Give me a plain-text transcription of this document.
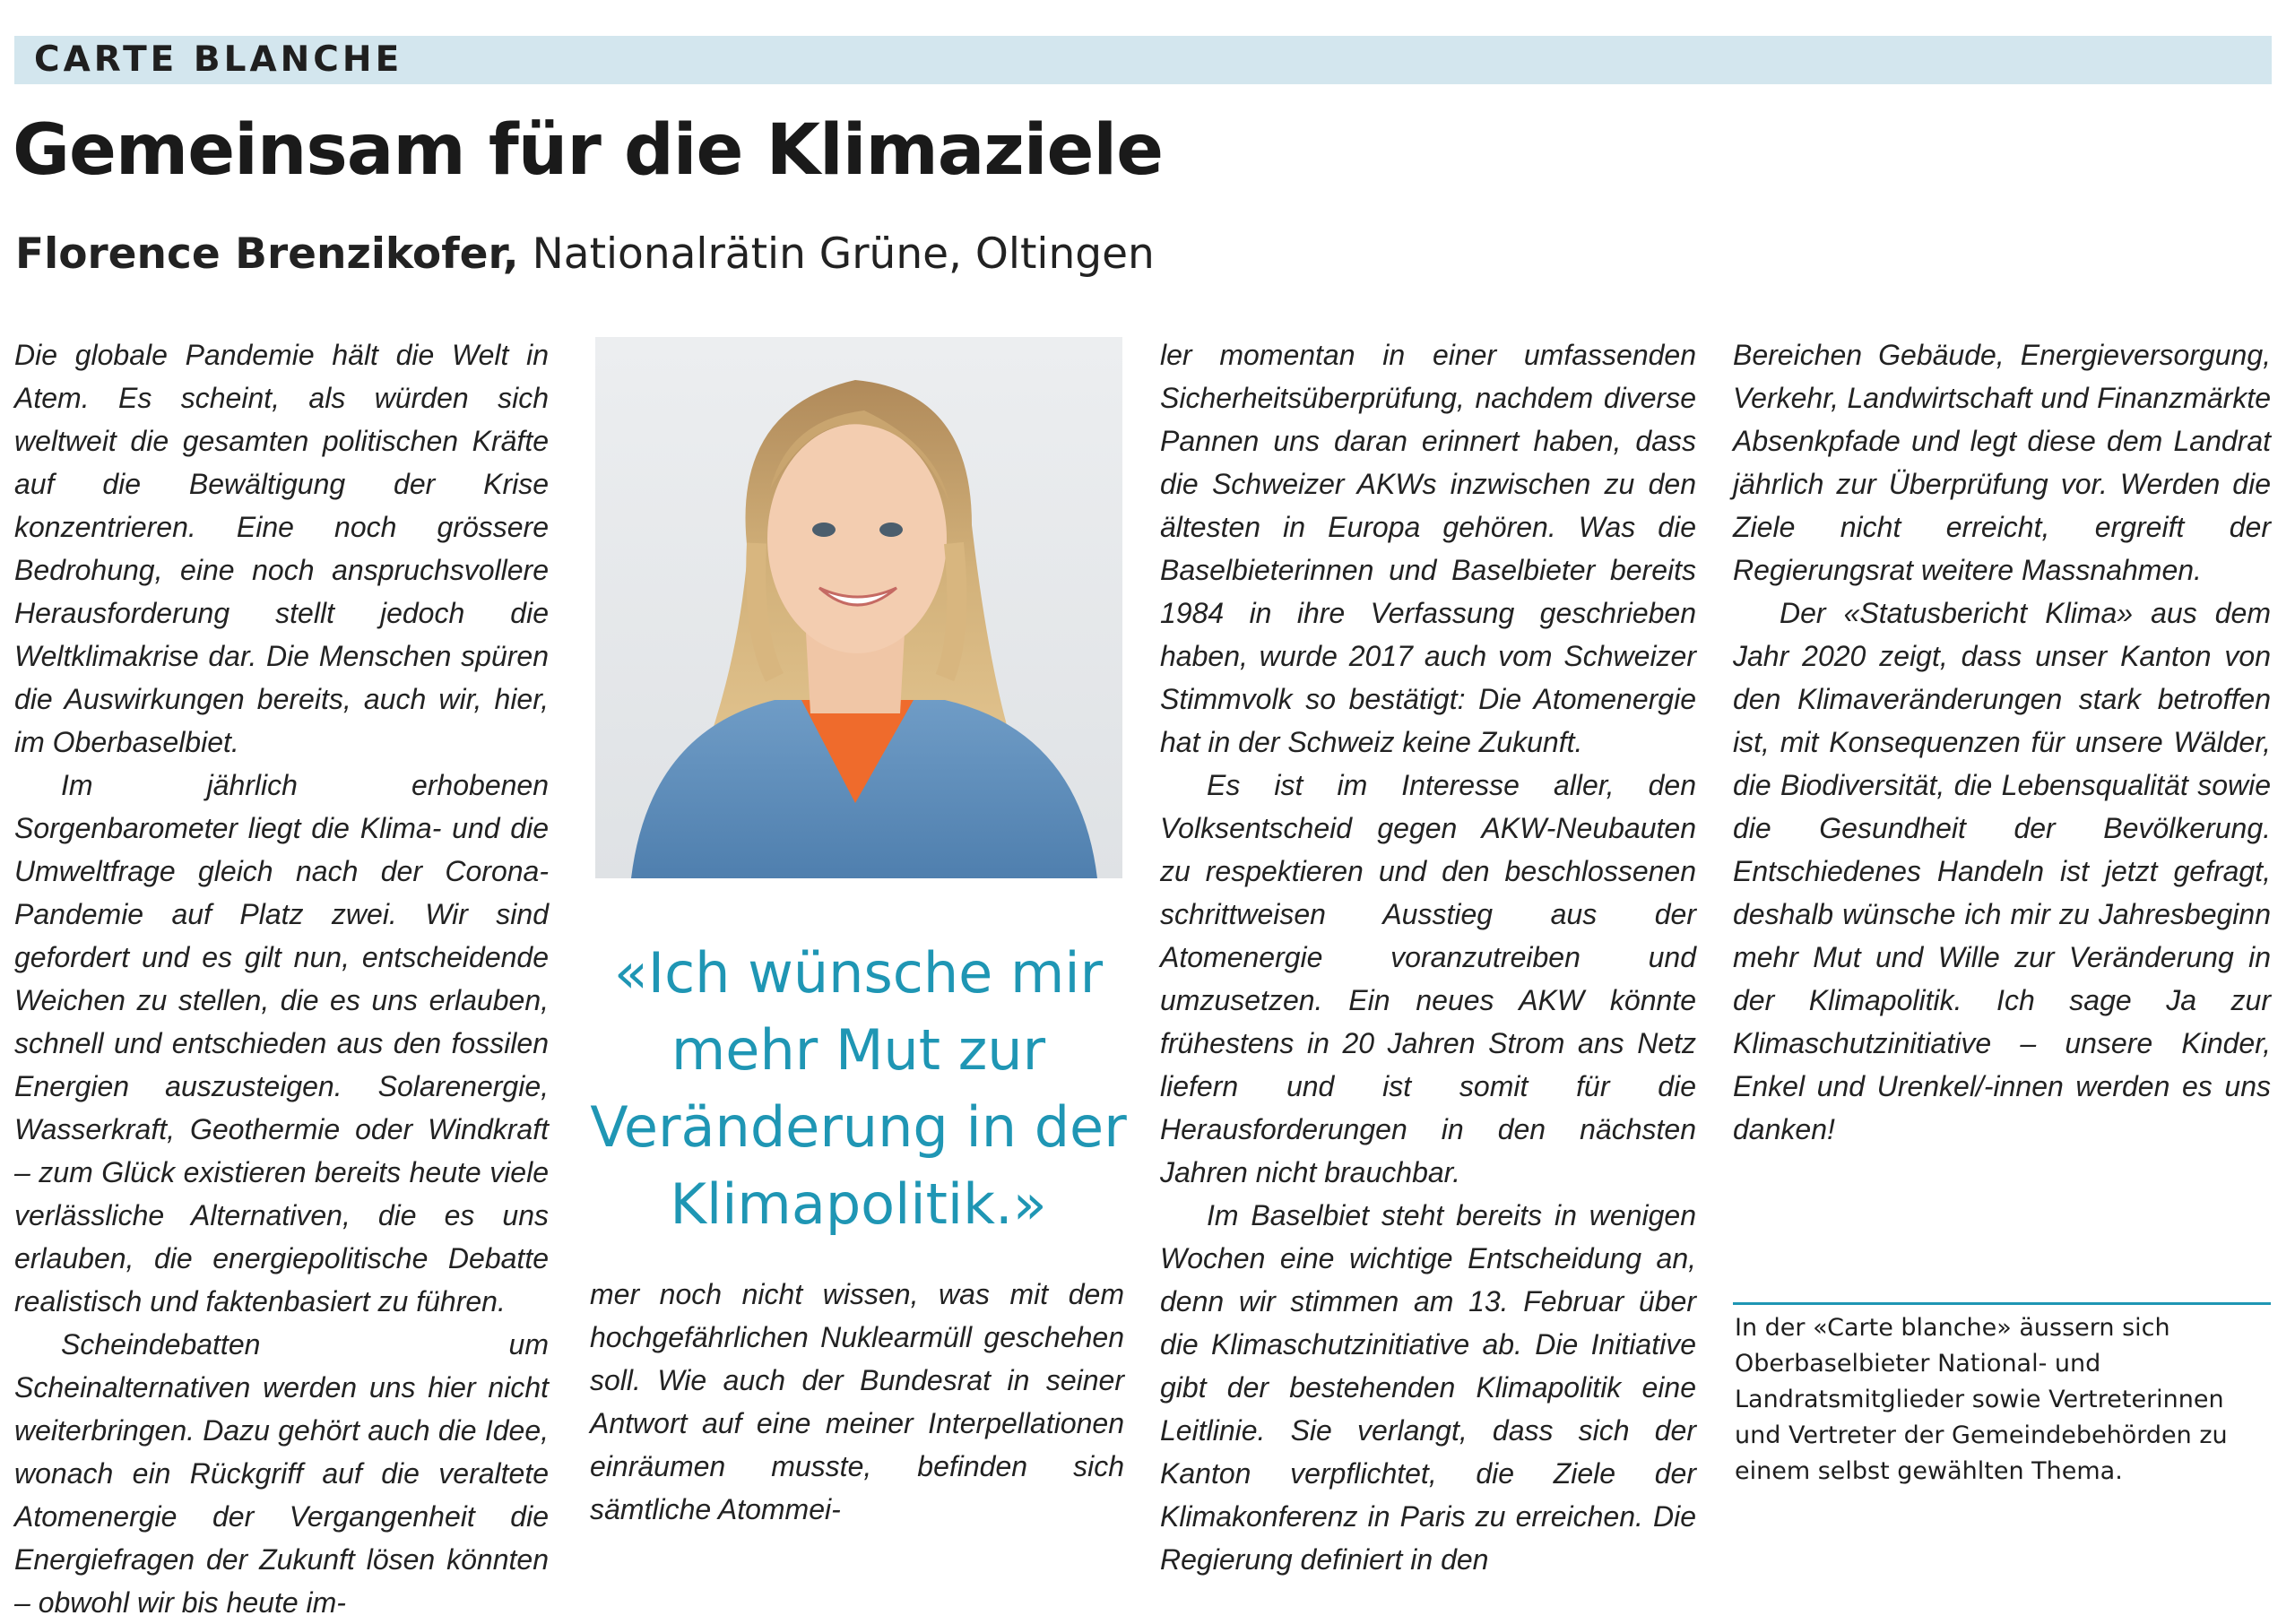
CARTE BLANCHE
Gemeinsam für die Klimaziele
Florence Brenzikofer, Nationalrätin Grüne, Oltingen

Die globale Pandemie hält die Welt in Atem. Es scheint, als würden sich weltweit die gesamten politischen Kräfte auf die Bewältigung der Krise konzentrieren. Eine noch grössere Bedrohung, eine noch anspruchsvollere Herausforderung stellt jedoch die Weltklimakrise dar. Die Menschen spüren die Auswirkungen bereits, auch wir, hier, im Oberbaselbiet.

Im jährlich erhobenen Sorgenbarometer liegt die Klima- und die Umweltfrage gleich nach der Corona-Pandemie auf Platz zwei. Wir sind gefordert und es gilt nun, entscheidende Weichen zu stellen, die es uns erlauben, schnell und entschieden aus den fossilen Energien auszusteigen. Solarenergie, Wasserkraft, Geothermie oder Windkraft – zum Glück existieren bereits heute viele verlässliche Alternativen, die es uns erlauben, die energiepolitische Debatte realistisch und faktenbasiert zu führen.

Scheindebatten um Scheinalternativen werden uns hier nicht weiterbringen. Dazu gehört auch die Idee, wonach ein Rückgriff auf die veraltete Atomenergie der Vergangenheit die Energiefragen der Zukunft lösen könnten – obwohl wir bis heute im-

«Ich wünsche mir mehr Mut zur Veränderung in der Klimapolitik.»

mer noch nicht wissen, was mit dem hochgefährlichen Nuklearmüll geschehen soll. Wie auch der Bundesrat in seiner Antwort auf eine meiner Interpellationen einräumen musste, befinden sich sämtliche Atommei-

ler momentan in einer umfassenden Sicherheitsüberprüfung, nachdem diverse Pannen uns daran erinnert haben, dass die Schweizer AKWs inzwischen zu den ältesten in Europa gehören. Was die Baselbieterinnen und Baselbieter bereits 1984 in ihre Verfassung geschrieben haben, wurde 2017 auch vom Schweizer Stimmvolk so bestätigt: Die Atomenergie hat in der Schweiz keine Zukunft.

Es ist im Interesse aller, den Volksentscheid gegen AKW-Neubauten zu respektieren und den beschlossenen schrittweisen Ausstieg aus der Atomenergie voranzutreiben und umzusetzen. Ein neues AKW könnte frühestens in 20 Jahren Strom ans Netz liefern und ist somit für die Herausforderungen in den nächsten Jahren nicht brauchbar.

Im Baselbiet steht bereits in wenigen Wochen eine wichtige Entscheidung an, denn wir stimmen am 13. Februar über die Klimaschutzinitiative ab. Die Initiative gibt der bestehenden Klimapolitik eine Leitlinie. Sie verlangt, dass sich der Kanton verpflichtet, die Ziele der Klimakonferenz in Paris zu erreichen. Die Regierung definiert in den

Bereichen Gebäude, Energieversorgung, Verkehr, Landwirtschaft und Finanzmärkte Absenkpfade und legt diese dem Landrat jährlich zur Überprüfung vor. Werden die Ziele nicht erreicht, ergreift der Regierungsrat weitere Massnahmen.

Der «Statusbericht Klima» aus dem Jahr 2020 zeigt, dass unser Kanton von den Klimaveränderungen stark betroffen ist, mit Konsequenzen für unsere Wälder, die Biodiversität, die Lebensqualität sowie die Gesundheit der Bevölkerung. Entschiedenes Handeln ist jetzt gefragt, deshalb wünsche ich mir zu Jahresbeginn mehr Mut und Wille zur Veränderung in der Klimapolitik. Ich sage Ja zur Klimaschutzinitiative – unsere Kinder, Enkel und Urenkel/-innen werden es uns danken!

In der «Carte blanche» äussern sich Oberbaselbieter National- und Landratsmitglieder sowie Vertreterinnen und Vertreter der Gemeindebehörden zu einem selbst gewählten Thema.
